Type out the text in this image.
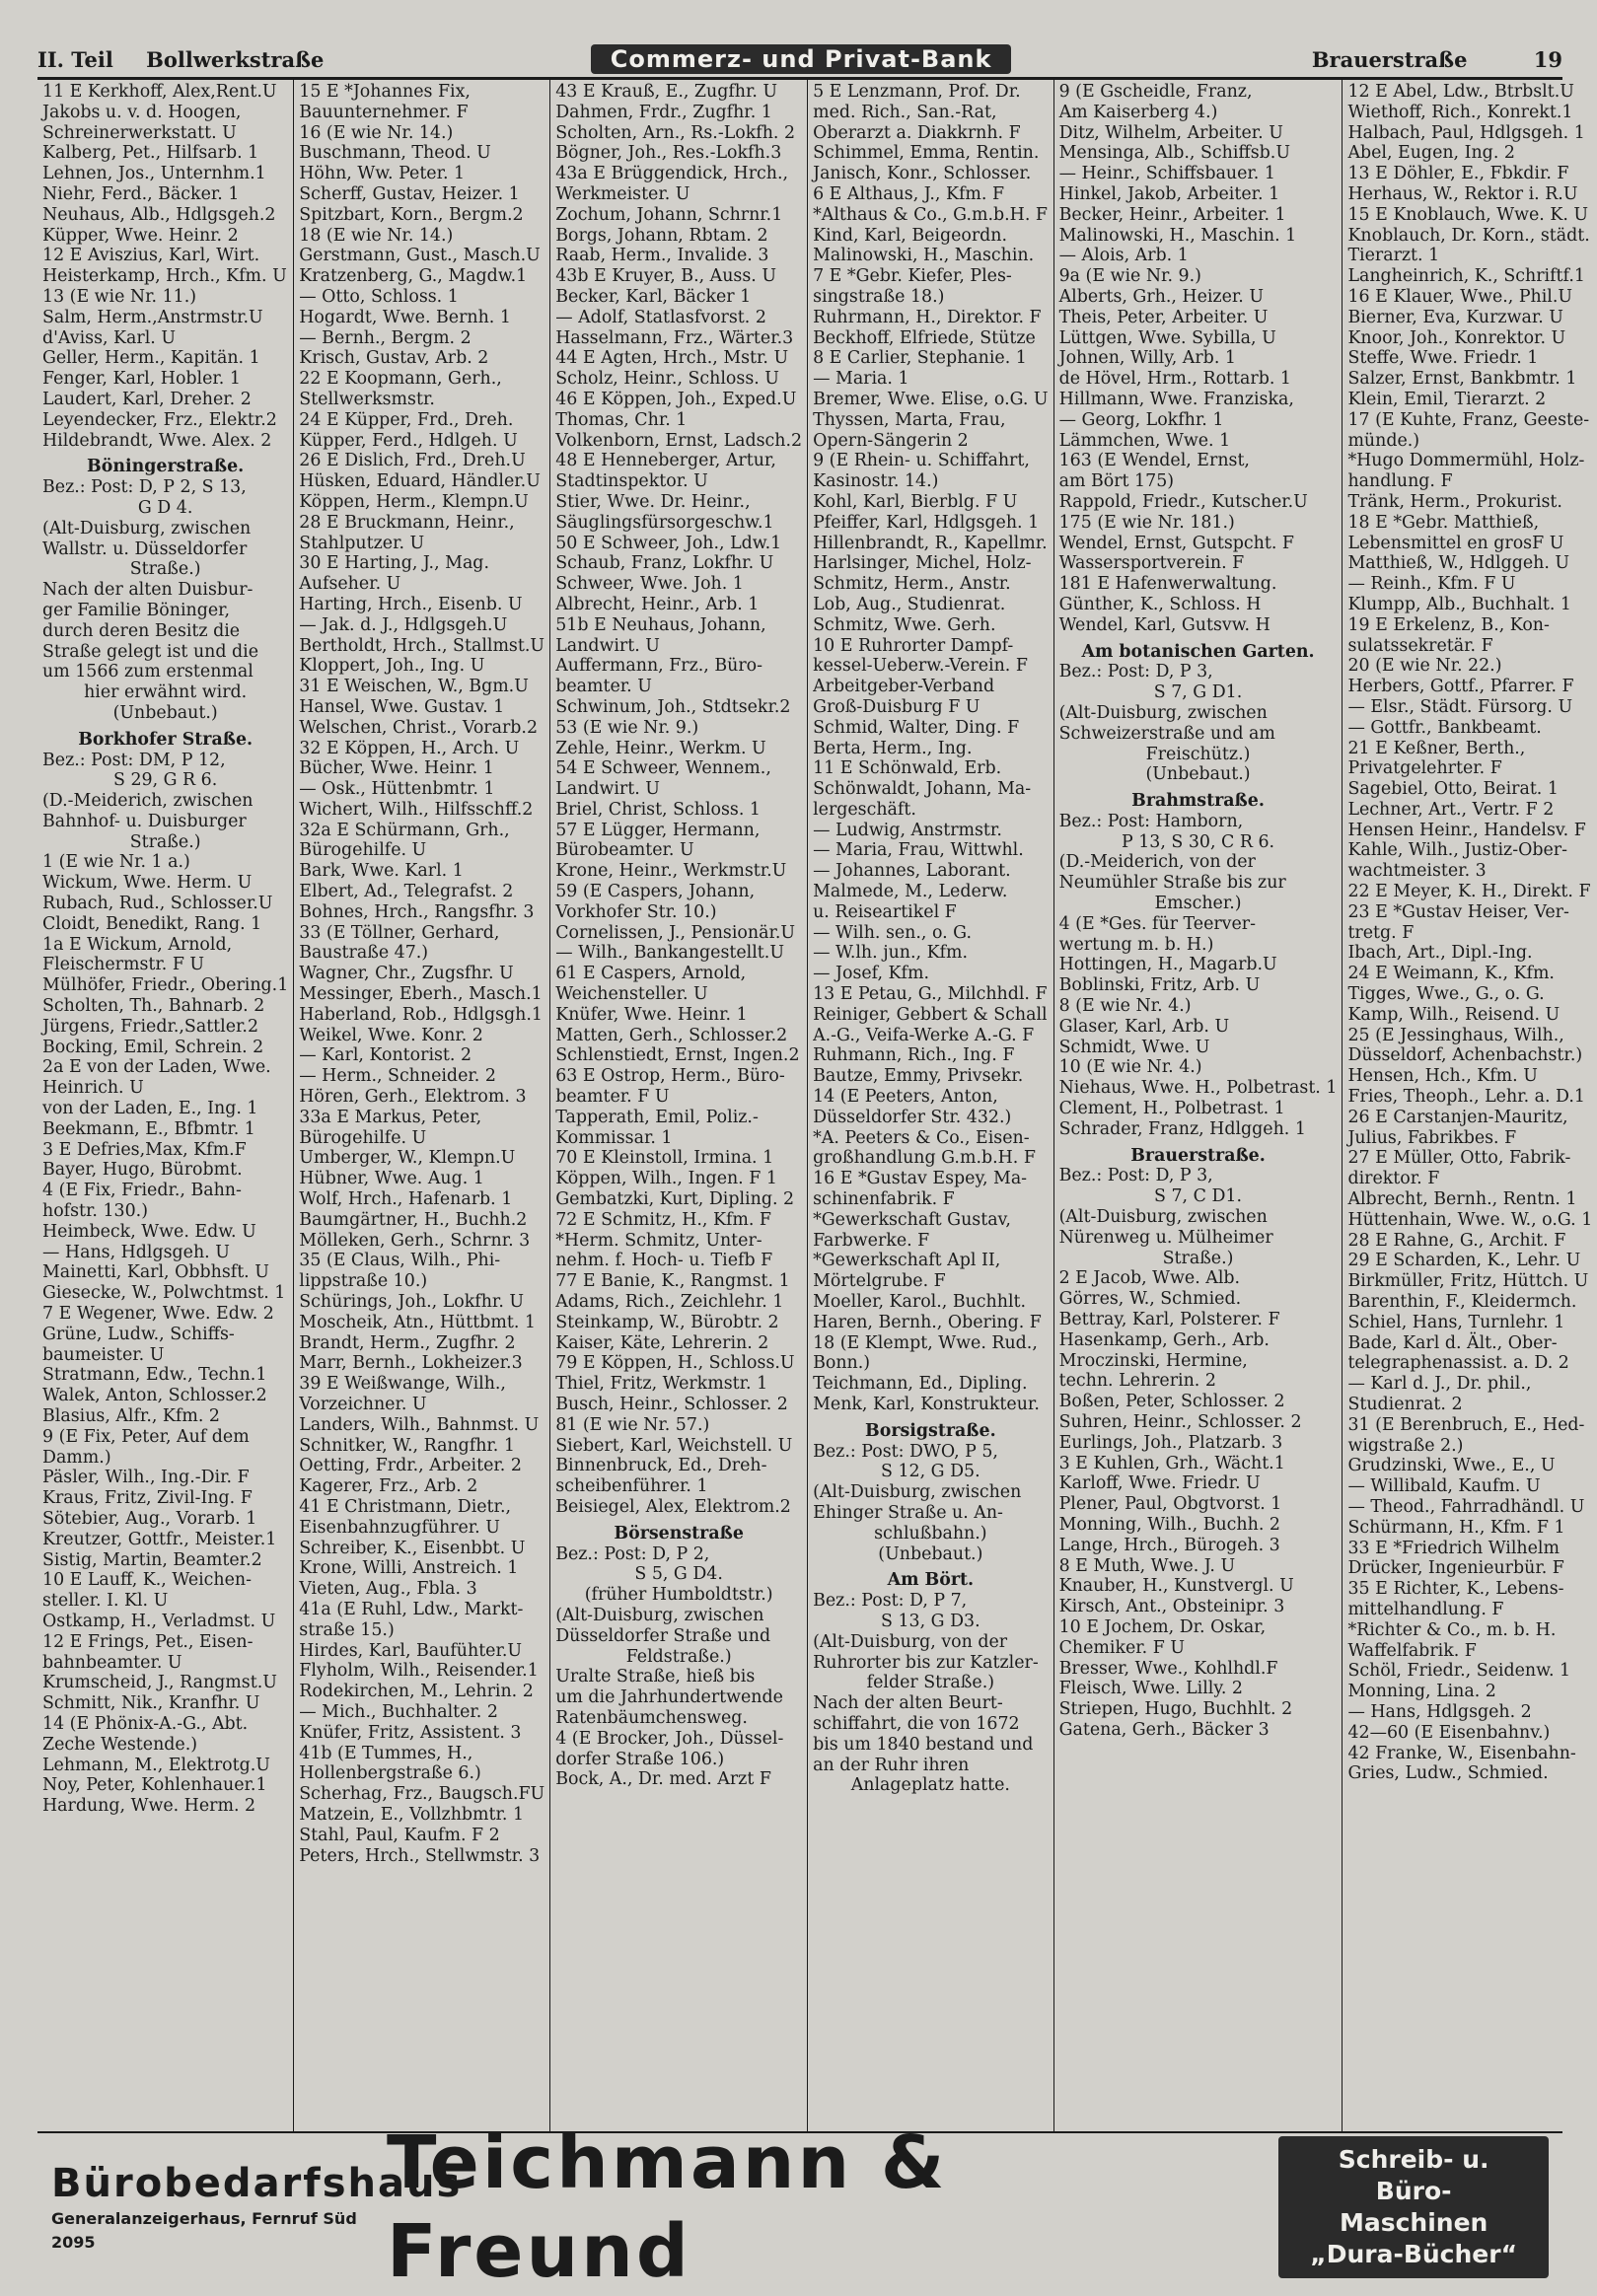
II. Teil Bollwerkstraße	Commerz- und Privat-Bank	Brauerstraße	19
11 E Kerkhoff, Alex,Rent.U
Jakobs u. v. d. Hoogen,
Schreinerwerkstatt. U
Kalberg, Pet., Hilfsarb. 1
Lehnen, Jos., Unternhm.1
Niehr, Ferd., Bäcker. 1
Neuhaus, Alb., Hdlgsgeh.2
Küpper, Wwe. Heinr. 2
12 E Aviszius, Karl, Wirt.
Heisterkamp, Hrch., Kfm. U
13 (E wie Nr. 11.)
Salm, Herm.,Anstrmstr.U
d'Aviss, Karl. U
Geller, Herm., Kapitän. 1
Fenger, Karl, Hobler. 1
Laudert, Karl, Dreher. 2
Leyendecker, Frz., Elektr.2
Hildebrandt, Wwe. Alex. 2
Böningerstraße.
Bez.: Post: D, P 2, S 13,
G D 4.
(Alt-Duisburg, zwischen
Wallstr. u. Düsseldorfer
Straße.)
Nach der alten Duisbur-
ger Familie Böninger,
durch deren Besitz die
Straße gelegt ist und die
um 1566 zum erstenmal
hier erwähnt wird.
(Unbebaut.)
Borkhofer Straße.
Bez.: Post: DM, P 12,
S 29, G R 6.
(D.-Meiderich, zwischen
Bahnhof- u. Duisburger
Straße.)
1 (E wie Nr. 1 a.)
Wickum, Wwe. Herm. U
Rubach, Rud., Schlosser.U
Cloidt, Benedikt, Rang. 1
1a E Wickum, Arnold,
Fleischermstr. F U
Mülhöfer, Friedr., Obering.1
Scholten, Th., Bahnarb. 2
Jürgens, Friedr.,Sattler.2
Bocking, Emil, Schrein. 2
2a E von der Laden, Wwe.
Heinrich. U
von der Laden, E., Ing. 1
Beekmann, E., Bfbmtr. 1
3 E Defries,Max, Kfm.F
Bayer, Hugo, Bürobmt.
4 (E Fix, Friedr., Bahn-
hofstr. 130.)
Heimbeck, Wwe. Edw. U
— Hans, Hdlgsgeh. U
Mainetti, Karl, Obbhsft. U
Giesecke, W., Polwchtmst. 1
7 E Wegener, Wwe. Edw. 2
Grüne, Ludw., Schiffs-
baumeister. U
Stratmann, Edw., Techn.1
Walek, Anton, Schlosser.2
Blasius, Alfr., Kfm. 2
9 (E Fix, Peter, Auf dem
Damm.)
Päsler, Wilh., Ing.-Dir. F
Kraus, Fritz, Zivil-Ing. F
Sötebier, Aug., Vorarb. 1
Kreutzer, Gottfr., Meister.1
Sistig, Martin, Beamter.2
10 E Lauff, K., Weichen-
steller. I. Kl. U
Ostkamp, H., Verladmst. U
12 E Frings, Pet., Eisen-
bahnbeamter. U
Krumscheid, J., Rangmst.U
Schmitt, Nik., Kranfhr. U
14 (E Phönix-A.-G., Abt.
Zeche Westende.)
Lehmann, M., Elektrotg.U
Noy, Peter, Kohlenhauer.1
Hardung, Wwe. Herm. 2
15 E *Johannes Fix,
Bauunternehmer. F
16 (E wie Nr. 14.)
Buschmann, Theod. U
Höhn, Ww. Peter. 1
Scherff, Gustav, Heizer. 1
Spitzbart, Korn., Bergm.2
18 (E wie Nr. 14.)
Gerstmann, Gust., Masch.U
Kratzenberg, G., Magdw.1
— Otto, Schloss. 1
Hogardt, Wwe. Bernh. 1
— Bernh., Bergm. 2
Krisch, Gustav, Arb. 2
22 E Koopmann, Gerh.,
Stellwerksmstr.
24 E Küpper, Frd., Dreh.
Küpper, Ferd., Hdlgeh. U
26 E Dislich, Frd., Dreh.U
Hüsken, Eduard, Händler.U
Köppen, Herm., Klempn.U
28 E Bruckmann, Heinr.,
Stahlputzer. U
30 E Harting, J., Mag.
Aufseher. U
Harting, Hrch., Eisenb. U
— Jak. d. J., Hdlgsgeh.U
Bertholdt, Hrch., Stallmst.U
Kloppert, Joh., Ing. U
31 E Weischen, W., Bgm.U
Hansel, Wwe. Gustav. 1
Welschen, Christ., Vorarb.2
32 E Köppen, H., Arch. U
Bücher, Wwe. Heinr. 1
— Osk., Hüttenbmtr. 1
Wichert, Wilh., Hilfsschff.2
32a E Schürmann, Grh.,
Bürogehilfe. U
Bark, Wwe. Karl. 1
Elbert, Ad., Telegrafst. 2
Bohnes, Hrch., Rangsfhr. 3
33 (E Töllner, Gerhard,
Baustraße 47.)
Wagner, Chr., Zugsfhr. U
Messinger, Eberh., Masch.1
Haberland, Rob., Hdlgsgh.1
Weikel, Wwe. Konr. 2
— Karl, Kontorist. 2
— Herm., Schneider. 2
Hören, Gerh., Elektrom. 3
33a E Markus, Peter,
Bürogehilfe. U
Umberger, W., Klempn.U
Hübner, Wwe. Aug. 1
Wolf, Hrch., Hafenarb. 1
Baumgärtner, H., Buchh.2
Mölleken, Gerh., Schrnr. 3
35 (E Claus, Wilh., Phi-
lippstraße 10.)
Schürings, Joh., Lokfhr. U
Moscheik, Atn., Hüttbmt. 1
Brandt, Herm., Zugfhr. 2
Marr, Bernh., Lokheizer.3
39 E Weißwange, Wilh.,
Vorzeichner. U
Landers, Wilh., Bahnmst. U
Schnitker, W., Rangfhr. 1
Oetting, Frdr., Arbeiter. 2
Kagerer, Frz., Arb. 2
41 E Christmann, Dietr.,
Eisenbahnzugführer. U
Schreiber, K., Eisenbbt. U
Krone, Willi, Anstreich. 1
Vieten, Aug., Fbla. 3
41a (E Ruhl, Ldw., Markt-
straße 15.)
Hirdes, Karl, Baufühter.U
Flyholm, Wilh., Reisender.1
Rodekirchen, M., Lehrin. 2
— Mich., Buchhalter. 2
Knüfer, Fritz, Assistent. 3
41b (E Tummes, H.,
Hollenbergstraße 6.)
Scherhag, Frz., Baugsch.FU
Matzein, E., Vollzhbmtr. 1
Stahl, Paul, Kaufm. F 2
Peters, Hrch., Stellwmstr. 3
43 E Krauß, E., Zugfhr. U
Dahmen, Frdr., Zugfhr. 1
Scholten, Arn., Rs.-Lokfh. 2
Bögner, Joh., Res.-Lokfh.3
43a E Brüggendick, Hrch.,
Werkmeister. U
Zochum, Johann, Schrnr.1
Borgs, Johann, Rbtam. 2
Raab, Herm., Invalide. 3
43b E Kruyer, B., Auss. U
Becker, Karl, Bäcker 1
— Adolf, Statlasfvorst. 2
Hasselmann, Frz., Wärter.3
44 E Agten, Hrch., Mstr. U
Scholz, Heinr., Schloss. U
46 E Köppen, Joh., Exped.U
Thomas, Chr. 1
Volkenborn, Ernst, Ladsch.2
48 E Henneberger, Artur,
Stadtinspektor. U
Stier, Wwe. Dr. Heinr.,
Säuglingsfürsorgeschw.1
50 E Schweer, Joh., Ldw.1
Schaub, Franz, Lokfhr. U
Schweer, Wwe. Joh. 1
Albrecht, Heinr., Arb. 1
51b E Neuhaus, Johann,
Landwirt. U
Auffermann, Frz., Büro-
beamter. U
Schwinum, Joh., Stdtsekr.2
53 (E wie Nr. 9.)
Zehle, Heinr., Werkm. U
54 E Schweer, Wennem.,
Landwirt. U
Briel, Christ, Schloss. 1
57 E Lügger, Hermann,
Bürobeamter. U
Krone, Heinr., Werkmstr.U
59 (E Caspers, Johann,
Vorkhofer Str. 10.)
Cornelissen, J., Pensionär.U
— Wilh., Bankangestellt.U
61 E Caspers, Arnold,
Weichensteller. U
Knüfer, Wwe. Heinr. 1
Matten, Gerh., Schlosser.2
Schlenstiedt, Ernst, Ingen.2
63 E Ostrop, Herm., Büro-
beamter. F U
Tapperath, Emil, Poliz.-
Kommissar. 1
70 E Kleinstoll, Irmina. 1
Köppen, Wilh., Ingen. F 1
Gembatzki, Kurt, Dipling. 2
72 E Schmitz, H., Kfm. F
*Herm. Schmitz, Unter-
nehm. f. Hoch- u. Tiefb F
77 E Banie, K., Rangmst. 1
Adams, Rich., Zeichlehr. 1
Steinkamp, W., Bürobtr. 2
Kaiser, Käte, Lehrerin. 2
79 E Köppen, H., Schloss.U
Thiel, Fritz, Werkmstr. 1
Busch, Heinr., Schlosser. 2
81 (E wie Nr. 57.)
Siebert, Karl, Weichstell. U
Binnenbruck, Ed., Dreh-
scheibenführer. 1
Beisiegel, Alex, Elektrom.2
Börsenstraße
Bez.: Post: D, P 2,
S 5, G D4.
(früher Humboldtstr.)
(Alt-Duisburg, zwischen
Düsseldorfer Straße und
Feldstraße.)
Uralte Straße, hieß bis
um die Jahrhundertwende
Ratenbäumchensweg.
4 (E Brocker, Joh., Düssel-
dorfer Straße 106.)
Bock, A., Dr. med. Arzt F
5 E Lenzmann, Prof. Dr.
med. Rich., San.-Rat,
Oberarzt a. Diakkrnh. F
Schimmel, Emma, Rentin.
Janisch, Konr., Schlosser.
6 E Althaus, J., Kfm. F
*Althaus & Co., G.m.b.H. F
Kind, Karl, Beigeordn.
Malinowski, H., Maschin.
7 E *Gebr. Kiefer, Ples-
singstraße 18.)
Ruhrmann, H., Direktor. F
Beckhoff, Elfriede, Stütze
8 E Carlier, Stephanie. 1
— Maria. 1
Bremer, Wwe. Elise, o.G. U
Thyssen, Marta, Frau,
Opern-Sängerin 2
9 (E Rhein- u. Schiffahrt,
Kasinostr. 14.)
Kohl, Karl, Bierblg. F U
Pfeiffer, Karl, Hdlgsgeh. 1
Hillenbrandt, R., Kapellmr.
Harlsinger, Michel, Holz-
Schmitz, Herm., Anstr.
Lob, Aug., Studienrat.
Schmitz, Wwe. Gerh.
10 E Ruhrorter Dampf-
kessel-Ueberw.-Verein. F
Arbeitgeber-Verband
Groß-Duisburg F U
Schmid, Walter, Ding. F
Berta, Herm., Ing.
11 E Schönwald, Erb.
Schönwaldt, Johann, Ma-
lergeschäft.
— Ludwig, Anstrmstr.
— Maria, Frau, Wittwhl.
— Johannes, Laborant.
Malmede, M., Lederw.
u. Reiseartikel F
— Wilh. sen., o. G.
— W.lh. jun., Kfm.
— Josef, Kfm.
13 E Petau, G., Milchhdl. F
Reiniger, Gebbert & Schall
A.-G., Veifa-Werke A.-G. F
Ruhmann, Rich., Ing. F
Bautze, Emmy, Privsekr.
14 (E Peeters, Anton,
Düsseldorfer Str. 432.)
*A. Peeters & Co., Eisen-
großhandlung G.m.b.H. F
16 E *Gustav Espey, Ma-
schinenfabrik. F
*Gewerkschaft Gustav,
Farbwerke. F
*Gewerkschaft Apl II,
Mörtelgrube. F
Moeller, Karol., Buchhlt.
Haren, Bernh., Obering. F
18 (E Klempt, Wwe. Rud.,
Bonn.)
Teichmann, Ed., Dipling.
Menk, Karl, Konstrukteur.
Borsigstraße.
Bez.: Post: DWO, P 5,
S 12, G D5.
(Alt-Duisburg, zwischen
Ehinger Straße u. An-
schlußbahn.)
(Unbebaut.)
Am Bört.
Bez.: Post: D, P 7,
S 13, G D3.
(Alt-Duisburg, von der
Ruhrorter bis zur Katzler-
felder Straße.)
Nach der alten Beurt-
schiffahrt, die von 1672
bis um 1840 bestand und
an der Ruhr ihren
Anlageplatz hatte.
9 (E Gscheidle, Franz,
Am Kaiserberg 4.)
Ditz, Wilhelm, Arbeiter. U
Mensinga, Alb., Schiffsb.U
— Heinr., Schiffsbauer. 1
Hinkel, Jakob, Arbeiter. 1
Becker, Heinr., Arbeiter. 1
Malinowski, H., Maschin. 1
— Alois, Arb. 1
9a (E wie Nr. 9.)
Alberts, Grh., Heizer. U
Theis, Peter, Arbeiter. U
Lüttgen, Wwe. Sybilla, U
Johnen, Willy, Arb. 1
de Hövel, Hrm., Rottarb. 1
Hillmann, Wwe. Franziska,
— Georg, Lokfhr. 1
Lämmchen, Wwe. 1
163 (E Wendel, Ernst,
am Bört 175)
Rappold, Friedr., Kutscher.U
175 (E wie Nr. 181.)
Wendel, Ernst, Gutspcht. F
Wassersportverein. F
181 E Hafenwerwaltung.
Günther, K., Schloss. H
Wendel, Karl, Gutsvw. H
Am botanischen Garten.
Bez.: Post: D, P 3,
S 7, G D1.
(Alt-Duisburg, zwischen
Schweizerstraße und am
Freischütz.)
(Unbebaut.)
Brahmstraße.
Bez.: Post: Hamborn,
P 13, S 30, C R 6.
(D.-Meiderich, von der
Neumühler Straße bis zur
Emscher.)
4 (E *Ges. für Teerver-
wertung m. b. H.)
Hottingen, H., Magarb.U
Boblinski, Fritz, Arb. U
8 (E wie Nr. 4.)
Glaser, Karl, Arb. U
Schmidt, Wwe. U
10 (E wie Nr. 4.)
Niehaus, Wwe. H., Polbetrast. 1
Clement, H., Polbetrast. 1
Schrader, Franz, Hdlggeh. 1
Brauerstraße.
Bez.: Post: D, P 3,
S 7, C D1.
(Alt-Duisburg, zwischen
Nürenweg u. Mülheimer
Straße.)
2 E Jacob, Wwe. Alb.
Görres, W., Schmied.
Bettray, Karl, Polsterer. F
Hasenkamp, Gerh., Arb.
Mroczinski, Hermine,
techn. Lehrerin. 2
Boßen, Peter, Schlosser. 2
Suhren, Heinr., Schlosser. 2
Eurlings, Joh., Platzarb. 3
3 E Kuhlen, Grh., Wächt.1
Karloff, Wwe. Friedr. U
Plener, Paul, Obgtvorst. 1
Monning, Wilh., Buchh. 2
Lange, Hrch., Bürogeh. 3
8 E Muth, Wwe. J. U
Knauber, H., Kunstvergl. U
Kirsch, Ant., Obsteinipr. 3
10 E Jochem, Dr. Oskar,
Chemiker. F U
Bresser, Wwe., Kohlhdl.F
Fleisch, Wwe. Lilly. 2
Striepen, Hugo, Buchhlt. 2
Gatena, Gerh., Bäcker 3
12 E Abel, Ldw., Btrbslt.U
Wiethoff, Rich., Konrekt.1
Halbach, Paul, Hdlgsgeh. 1
Abel, Eugen, Ing. 2
13 E Döhler, E., Fbkdir. F
Herhaus, W., Rektor i. R.U
15 E Knoblauch, Wwe. K. U
Knoblauch, Dr. Korn., städt.
Tierarzt. 1
Langheinrich, K., Schriftf.1
16 E Klauer, Wwe., Phil.U
Bierner, Eva, Kurzwar. U
Knoor, Joh., Konrektor. U
Steffe, Wwe. Friedr. 1
Salzer, Ernst, Bankbmtr. 1
Klein, Emil, Tierarzt. 2
17 (E Kuhte, Franz, Geeste-
münde.)
*Hugo Dommermühl, Holz-
handlung. F
Tränk, Herm., Prokurist.
18 E *Gebr. Matthieß,
Lebensmittel en grosF U
Matthieß, W., Hdlggeh. U
— Reinh., Kfm. F U
Klumpp, Alb., Buchhalt. 1
19 E Erkelenz, B., Kon-
sulatssekretär. F
20 (E wie Nr. 22.)
Herbers, Gottf., Pfarrer. F
— Elsr., Städt. Fürsorg. U
— Gottfr., Bankbeamt.
21 E Keßner, Berth.,
Privatgelehrter. F
Sagebiel, Otto, Beirat. 1
Lechner, Art., Vertr. F 2
Hensen Heinr., Handelsv. F
Kahle, Wilh., Justiz-Ober-
wachtmeister. 3
22 E Meyer, K. H., Direkt. F
23 E *Gustav Heiser, Ver-
tretg. F
Ibach, Art., Dipl.-Ing.
24 E Weimann, K., Kfm.
Tigges, Wwe., G., o. G.
Kamp, Wilh., Reisend. U
25 (E Jessinghaus, Wilh.,
Düsseldorf, Achenbachstr.)
Hensen, Hch., Kfm. U
Fries, Theoph., Lehr. a. D.1
26 E Carstanjen-Mauritz,
Julius, Fabrikbes. F
27 E Müller, Otto, Fabrik-
direktor. F
Albrecht, Bernh., Rentn. 1
Hüttenhain, Wwe. W., o.G. 1
28 E Rahne, G., Archit. F
29 E Scharden, K., Lehr. U
Birkmüller, Fritz, Hüttch. U
Barenthin, F., Kleidermch.
Schiel, Hans, Turnlehr. 1
Bade, Karl d. Ält., Ober-
telegraphenassist. a. D. 2
— Karl d. J., Dr. phil.,
Studienrat. 2
31 (E Berenbruch, E., Hed-
wigstraße 2.)
Grudzinski, Wwe., E., U
— Willibald, Kaufm. U
— Theod., Fahrradhändl. U
Schürmann, H., Kfm. F 1
33 E *Friedrich Wilhelm
Drücker, Ingenieurbür. F
35 E Richter, K., Lebens-
mittelhandlung. F
*Richter & Co., m. b. H.
Waffelfabrik. F
Schöl, Friedr., Seidenw. 1
Monning, Lina. 2
— Hans, Hdlgsgeh. 2
42—60 (E Eisenbahnv.)
42 Franke, W., Eisenbahn-
Gries, Ludw., Schmied.
Bürobedarfshaus
Generalanzeigerhaus, Fernruf Süd 2095
Teichmann & Freund
Schreib- u. Büro-
Maschinen
„Dura-Bücher“
